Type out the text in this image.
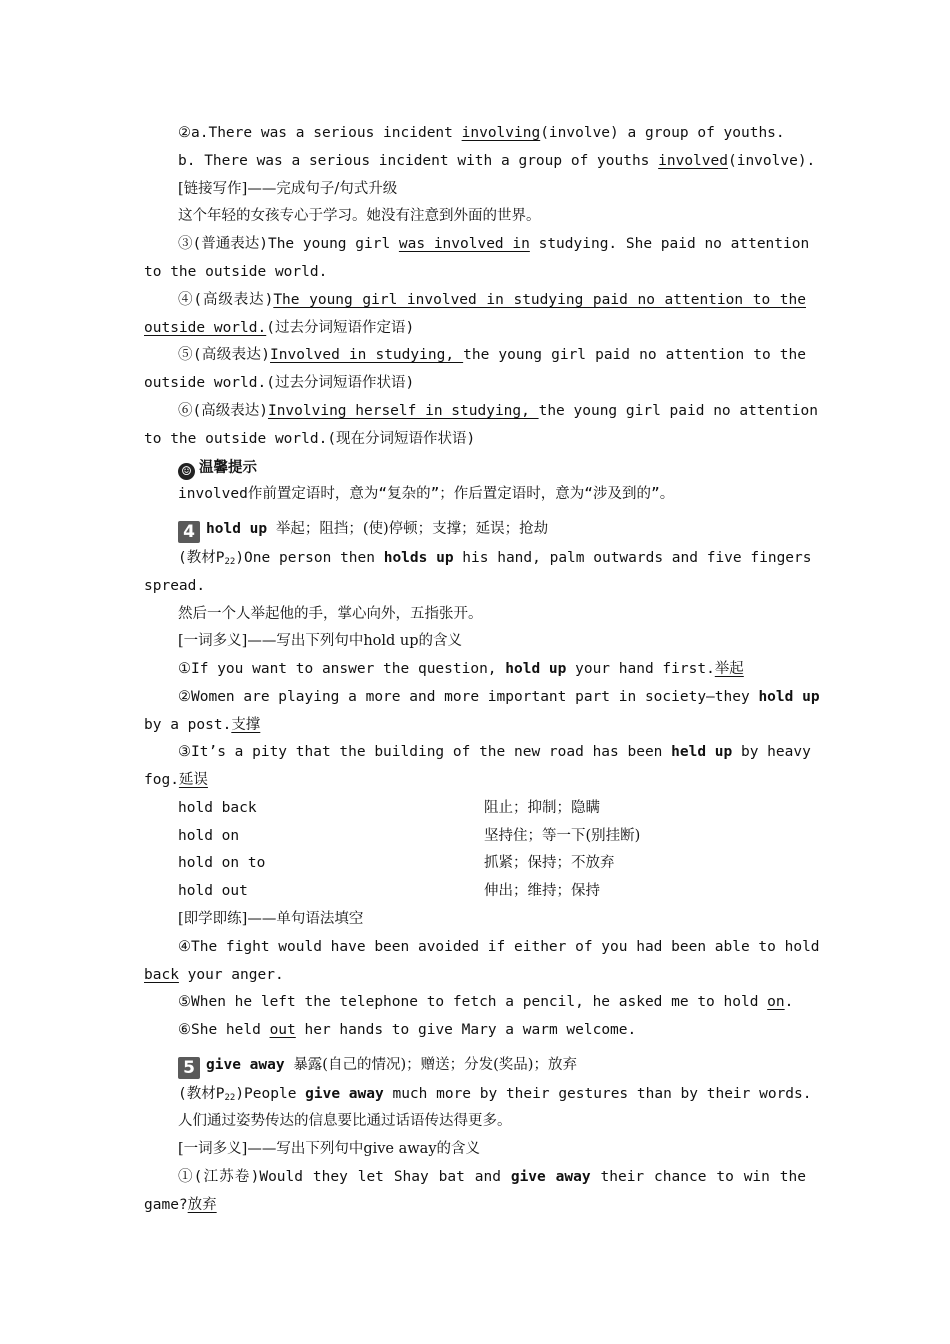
②a.There was a serious incident involving(involve) a group of youths.
b. There was a serious incident with a group of youths involved(involve).
[链接写作]——完成句子/句式升级
这个年轻的女孩专心于学习。她没有注意到外面的世界。
③(普通表达)The young girl was involved in studying. She paid no attention
to the outside world.
④(高级表达)The young girl involved in studying paid no attention to the
outside world.(过去分词短语作定语)
⑤(高级表达)Involved in studying, the young girl paid no attention to the
outside world.(过去分词短语作状语)
⑥(高级表达)Involving herself in studying, the young girl paid no attention
to the outside world.(现在分词短语作状语)
☺ 温馨提示
involved作前置定语时，意为“复杂的”；作后置定语时，意为“涉及到的”。
4 hold up 举起；阻挡；(使)停顿；支撑；延误；抢劫
(教材$P_{22})One$ person then holds up his hand, palm outwards and five fingers
spread.
然后一个人举起他的手，掌心向外，五指张开。
[一词多义]——写出下列句中hold up的含义
①If you want to answer the question, hold up your hand first.举起
②Women are playing a more and more important part in society—they hold up
by a post.支撑
③It’s a pity that the building of the new road has been held up by heavy
fog.延误
hold back	阻止；抑制；隐瞒
hold on	坚持住；等一下(别挂断)
hold on to	抓紧；保持；不放弃
hold out	伸出；维持；保持
[即学即练]——单句语法填空
④The fight would have been avoided if either of you had been able to hold
back your anger.
⑤When he left the telephone to fetch a pencil, he asked me to hold on.
⑥She held out her hands to give Mary a warm welcome.
5 give away 暴露(自己的情况)；赠送；分发(奖品)；放弃
(教材$P_{22})People$ give away much more by their gestures than by their words.
人们通过姿势传达的信息要比通过话语传达得更多。
[一词多义]——写出下列句中give away的含义
①(江苏卷)Would they let Shay bat and give away their chance to win the
game?放弃
